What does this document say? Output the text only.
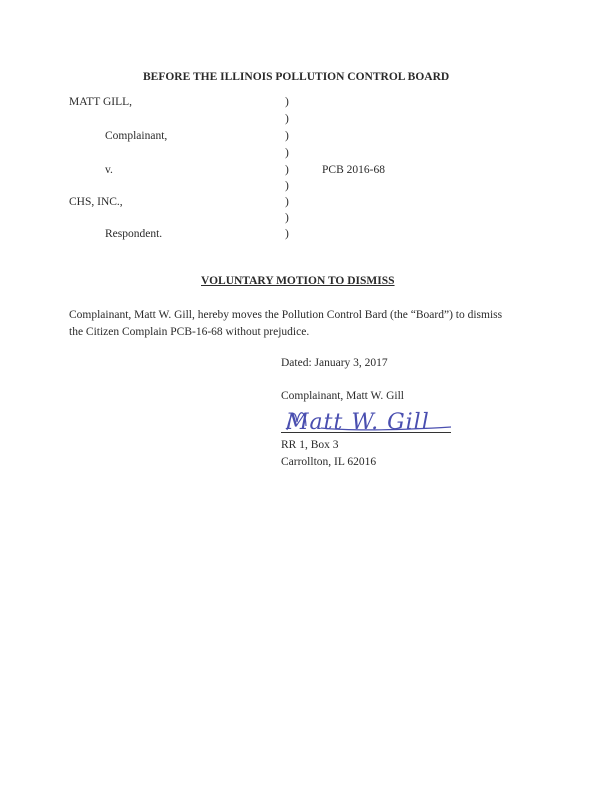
BEFORE THE ILLINOIS POLLUTION CONTROL BOARD
MATT GILL,
Complainant,
v.
CHS, INC.,
Respondent.
)
)
)
)
)
)
)
)
)
PCB 2016-68
VOLUNTARY MOTION TO DISMISS
Complainant, Matt W. Gill, hereby moves the Pollution Control Bard (the “Board”) to dismiss
the Citizen Complain PCB-16-68 without prejudice.
Dated: January 3, 2017
Complainant, Matt W. Gill
Matt W. Gill
RR 1, Box 3
Carrollton, IL 62016
